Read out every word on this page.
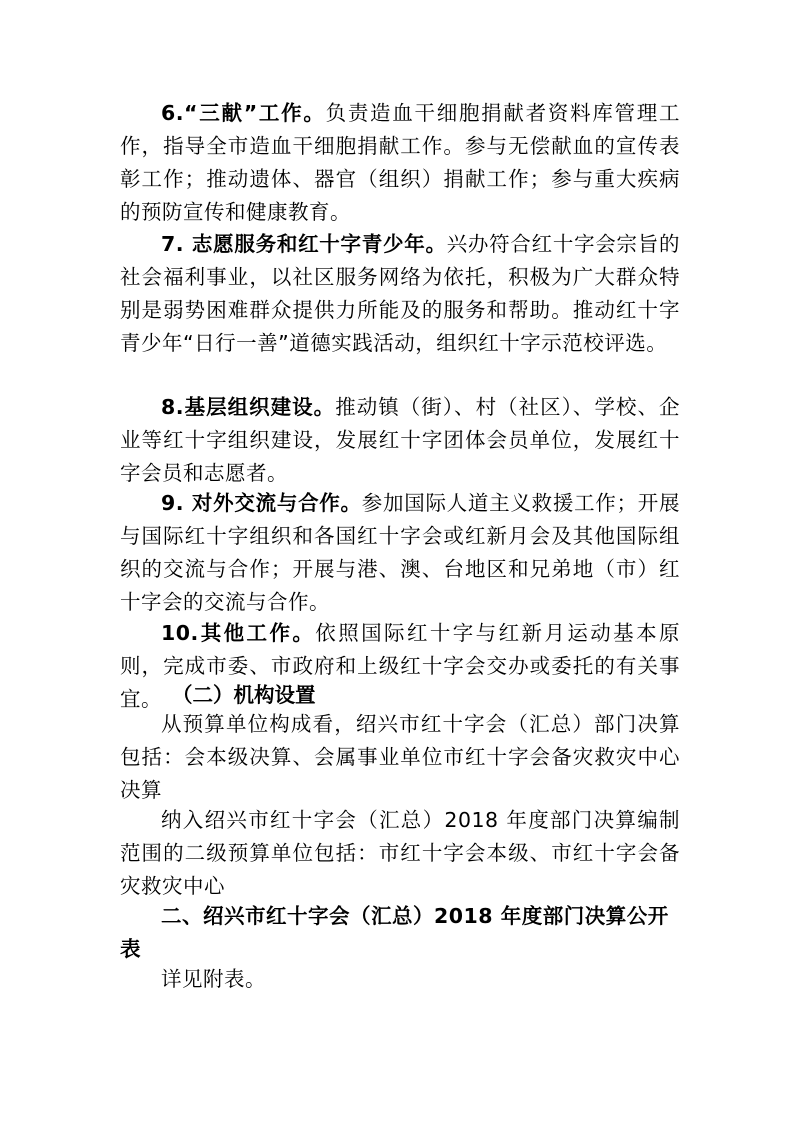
6.“三献”工作。负责造血干细胞捐献者资料库管理工作，指导全市造血干细胞捐献工作。参与无偿献血的宣传表彰工作；推动遗体、器官（组织）捐献工作；参与重大疾病的预防宣传和健康教育。

7. 志愿服务和红十字青少年。兴办符合红十字会宗旨的社会福利事业，以社区服务网络为依托，积极为广大群众特别是弱势困难群众提供力所能及的服务和帮助。推动红十字青少年“日行一善”道德实践活动，组织红十字示范校评选。

8.基层组织建设。推动镇（街）、村（社区）、学校、企业等红十字组织建设，发展红十字团体会员单位，发展红十字会员和志愿者。

9. 对外交流与合作。参加国际人道主义救援工作；开展与国际红十字组织和各国红十字会或红新月会及其他国际组织的交流与合作；开展与港、澳、台地区和兄弟地（市）红十字会的交流与合作。

10.其他工作。依照国际红十字与红新月运动基本原则，完成市委、市政府和上级红十字会交办或委托的有关事宜。 （二）机构设置

从预算单位构成看，绍兴市红十字会（汇总）部门决算包括：会本级决算、会属事业单位市红十字会备灾救灾中心决算

纳入绍兴市红十字会（汇总）2018 年度部门决算编制范围的二级预算单位包括：市红十字会本级、市红十字会备灾救灾中心

二、绍兴市红十字会（汇总）2018 年度部门决算公开表

详见附表。
